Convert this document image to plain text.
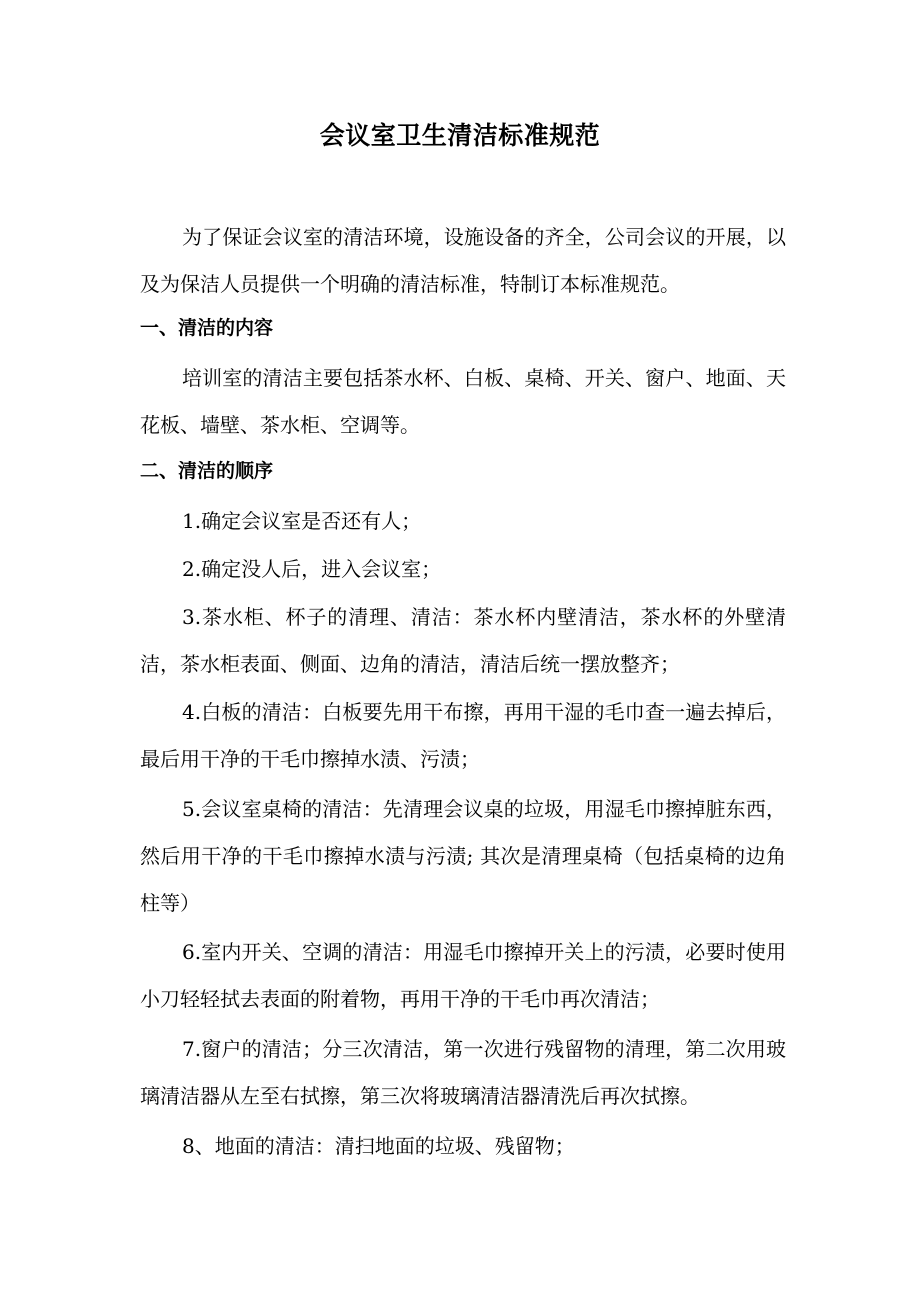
会议室卫生清洁标准规范

为了保证会议室的清洁环境，设施设备的齐全，公司会议的开展，以及为保洁人员提供一个明确的清洁标准，特制订本标准规范。

一、清洁的内容

培训室的清洁主要包括茶水杯、白板、桌椅、开关、窗户、地面、天花板、墙壁、茶水柜、空调等。

二、清洁的顺序

1.确定会议室是否还有人；

2.确定没人后，进入会议室；

3.茶水柜、杯子的清理、清洁：茶水杯内壁清洁，茶水杯的外壁清洁，茶水柜表面、侧面、边角的清洁，清洁后统一摆放整齐；

4.白板的清洁：白板要先用干布擦，再用干湿的毛巾查一遍去掉后，最后用干净的干毛巾擦掉水渍、污渍；

5.会议室桌椅的清洁：先清理会议桌的垃圾，用湿毛巾擦掉脏东西，然后用干净的干毛巾擦掉水渍与污渍; 其次是清理桌椅（包括桌椅的边角柱等）

6.室内开关、空调的清洁：用湿毛巾擦掉开关上的污渍，必要时使用小刀轻轻拭去表面的附着物，再用干净的干毛巾再次清洁；

7.窗户的清洁；分三次清洁，第一次进行残留物的清理，第二次用玻璃清洁器从左至右拭擦，第三次将玻璃清洁器清洗后再次拭擦。

8、地面的清洁：清扫地面的垃圾、残留物；
